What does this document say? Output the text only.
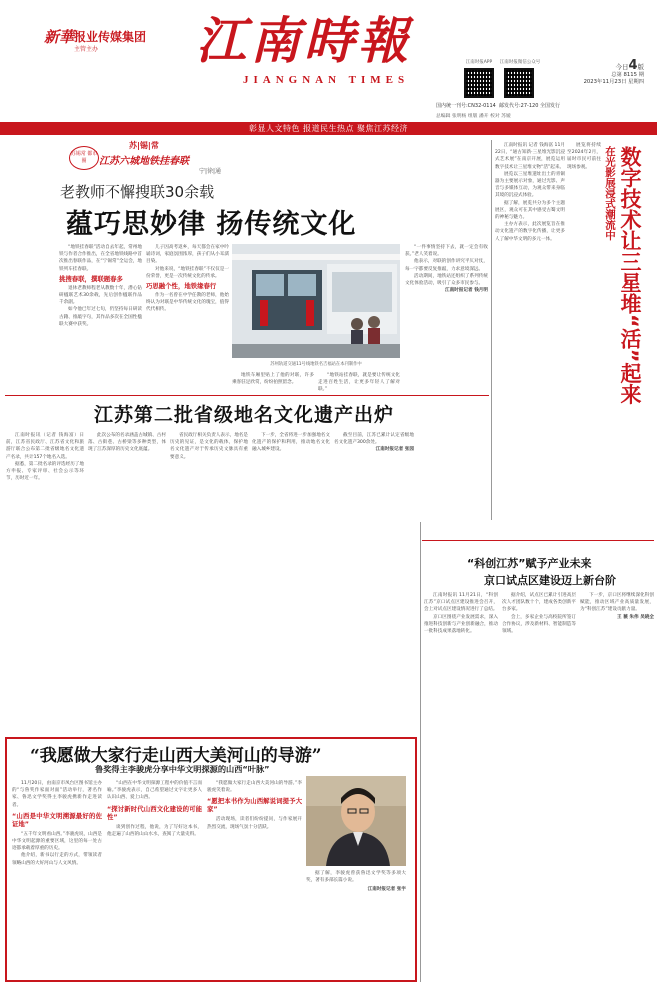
新華 报业传媒集团
主管主办 江南時報
JIANGNAN TIMES
江南时报APP	江南时报微信公众号
今日4版
总第 8115 期
2023年11月23日 星期四
国内统一刊号:CN32-0114 邮发代号:27-120 全国发行
总编辑 张明杨 组版 潘开 校对 苏媛
彰显人文特色 报道民生热点 聚焦江苏经济
苏锡常 都市圈
苏|锡|常
江苏六城地铁挂春联
宁|徐|通
老教师不懈搜联30余载
蕴巧思妙律 扬传统文化

“地铁挂春联”活动自去年起，常州地铁与作者合作推出，在全省地铁线路中首次推出春联作品，在“宁锡常”全运会，地铁列车挂春联。

挑搜春联，撰联题春多

退休老教师程老从教数十年，潜心钻研楹联艺术30余载，先后创作楹联作品千余副。

如今他已年过七旬，仍坚持每日研读古籍、推敲字句，其作品多次在全国性楹联大赛中获奖。

儿子因高考返乡，每天都会在家中吟诵诗词，家庭氛围浓厚，孩子们从小耳濡目染。

对他来说，“地铁挂春联”不仅仅是一份荣誉，更是一次传统文化的传承。

巧思融个性，地铁缘春行

作为一名曾在中学任教的老师，他始终认为对联是中华传统文化的瑰宝，值得代代相传。

苏州轨道交通11号线地铁名吉福站在本刊制作中

地铁车厢里贴上了他的对联，许多乘客驻足欣赏，纷纷拍照留念。

“地铁站挂春联，就是要让传统文化走进百姓生活，让更多年轻人了解对联。”

“一件事情坚持下去，就一定会有收获。”老人笑着说。

他表示，对联的创作讲究平仄对仗，每一字都要反复推敲，力求意境深远。

活动期间，地铁站还组织了系列传统文化体验活动，吸引了众多市民参与。

江南时报记者 钱月明

江南时报讯 记者 钱海富 11月22日，“通古知新·三星堆光影沉浸式艺术展”在南京开展，展览运用数字技术让三星堆文物“活”起来。

展览以三星堆遗址出土的青铜器为主要展示对象，通过光影、声音与多媒体互动，为观众带来身临其境的沉浸式体验。

据了解，展览共分为多个主题展区，观众可在其中感受古蜀文明的神秘与魅力。

主办方表示，此次展览旨在推动文化遗产的数字化传播，让更多人了解中华文明的多元一体。

展览将持续至2024年2月，届时市民可前往现场参观。	在光影展浸式潮流中 数字技术让三星堆“活”起来
江苏第二批省级地名文化遗产出炉

江南时报讯（记者 钱海富）日前，江苏省民政厅、江苏省文化和旅游厅联合公布第二批省级地名文化遗产名录，共计157个地名入选。

据悉，第二批名录的评选经历了地方申报、专家评审、社会公示等环节，历时近一年。

此次公布的名录涵盖古城镇、古村落、古街巷、古桥梁等多种类型，体现了江苏深厚的历史文化底蕴。

省民政厅相关负责人表示，地名是历史的见证，是文化的载体，保护地名文化遗产对于传承历史文脉具有重要意义。

下一步，全省将进一步加强地名文化遗产的保护和利用，推动地名文化融入城乡建设。

截至目前，江苏已累计认定省级地名文化遗产300余处。

江南时报记者 张园
“科创江苏”赋予产业未来
京口试点区建设迈上新台阶

江南时报讯 11月21日，“科创江苏”京口试点区建设推进会召开，会上对试点区建设情况进行了总结。

京口区围绕产业发展需求，深入推进科技创新与产业创新融合，推动一批科技成果落地转化。

据介绍，试点区已累计引进高层次人才团队数十个，建成各类创新平台多家。

会上，多家企业与高校院所签订合作协议，涉及新材料、智能制造等领域。

下一步，京口区将继续深化科创赋能，推动区域产业高质量发展，为“科创江苏”建设贡献力量。

王 薇 朱伟 吴晓全
“我愿做大家行走山西大美河山的导游”
鲁奖得主李骏虎分享中华文明探源的山西“叶脉”

11月20日，由南京市凤台区图书馆主办的“与鲁奖作家面对面”活动举行，著名作家、鲁迅文学奖得主李骏虎携新作走进读者。

“山西是中华文明溯源最好的佐证地”

“五千年文明看山西。”李骏虎说，山西是中华文明起源的重要区域，这里的每一处古迹都承载着厚重的历史。

他介绍，新书以行走的方式，带领读者领略山西的大好河山与人文风情。

“山西在中华文明探源工程中的价值不言而喻。”李骏虎表示，自己希望通过文字让更多人认识山西、爱上山西。

“探讨新时代山西文化建设的可能性”

谈到创作过程，他说，为了写好这本书，他走遍了山西的山山水水，查阅了大量史料。

“我愿做大家行走山西大美河山的导游。”李骏虎笑着说。

“愿把本书作为山西解说词提予大家”

活动现场，读者们纷纷提问，与作家展开热烈交流，现场气氛十分活跃。

据了解，李骏虎曾获鲁迅文学奖等多项大奖，著有多部长篇小说。

江南时报记者 张宇
